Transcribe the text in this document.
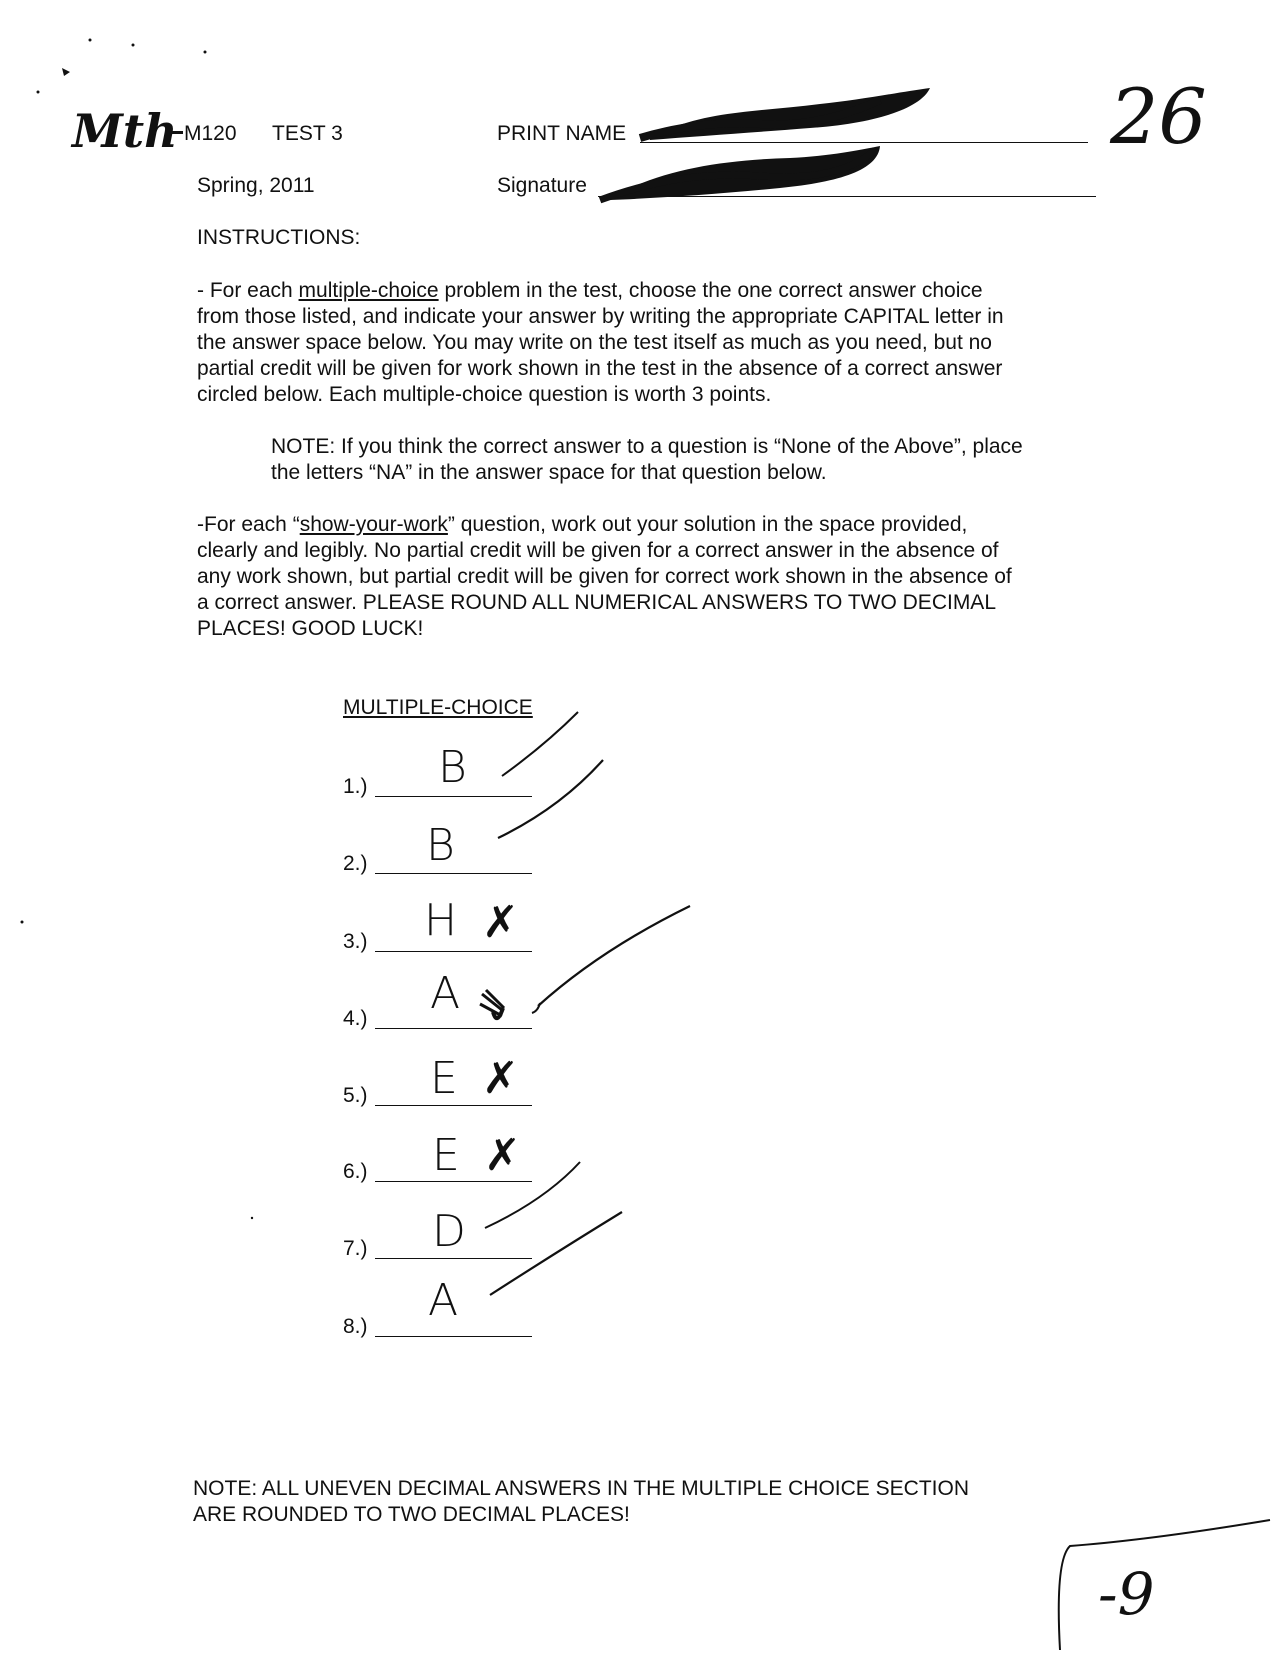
Mth M120 TEST 3
Spring, 2011
PRINT NAME
Signature
26
INSTRUCTIONS:
- For each multiple-choice problem in the test, choose the one correct answer choice
from those listed, and indicate your answer by writing the appropriate CAPITAL letter in
the answer space below. You may write on the test itself as much as you need, but no
partial credit will be given for work shown in the test in the absence of a correct answer
circled below. Each multiple-choice question is worth 3 points.
NOTE: If you think the correct answer to a question is “None of the Above”, place
the letters “NA” in the answer space for that question below.
-For each “show-your-work” question, work out your solution in the space provided,
clearly and legibly. No partial credit will be given for a correct answer in the absence of
any work shown, but partial credit will be given for correct work shown in the absence of
a correct answer. PLEASE ROUND ALL NUMERICAL ANSWERS TO TWO DECIMAL
PLACES! GOOD LUCK!
MULTIPLE-CHOICE
1.) B
2.) B
3.) H ✗
4.) A
5.) E ✗
6.) E ✗
7.) D
8.)
A
NOTE: ALL UNEVEN DECIMAL ANSWERS IN THE MULTIPLE CHOICE SECTION
ARE ROUNDED TO TWO DECIMAL PLACES!
-9
